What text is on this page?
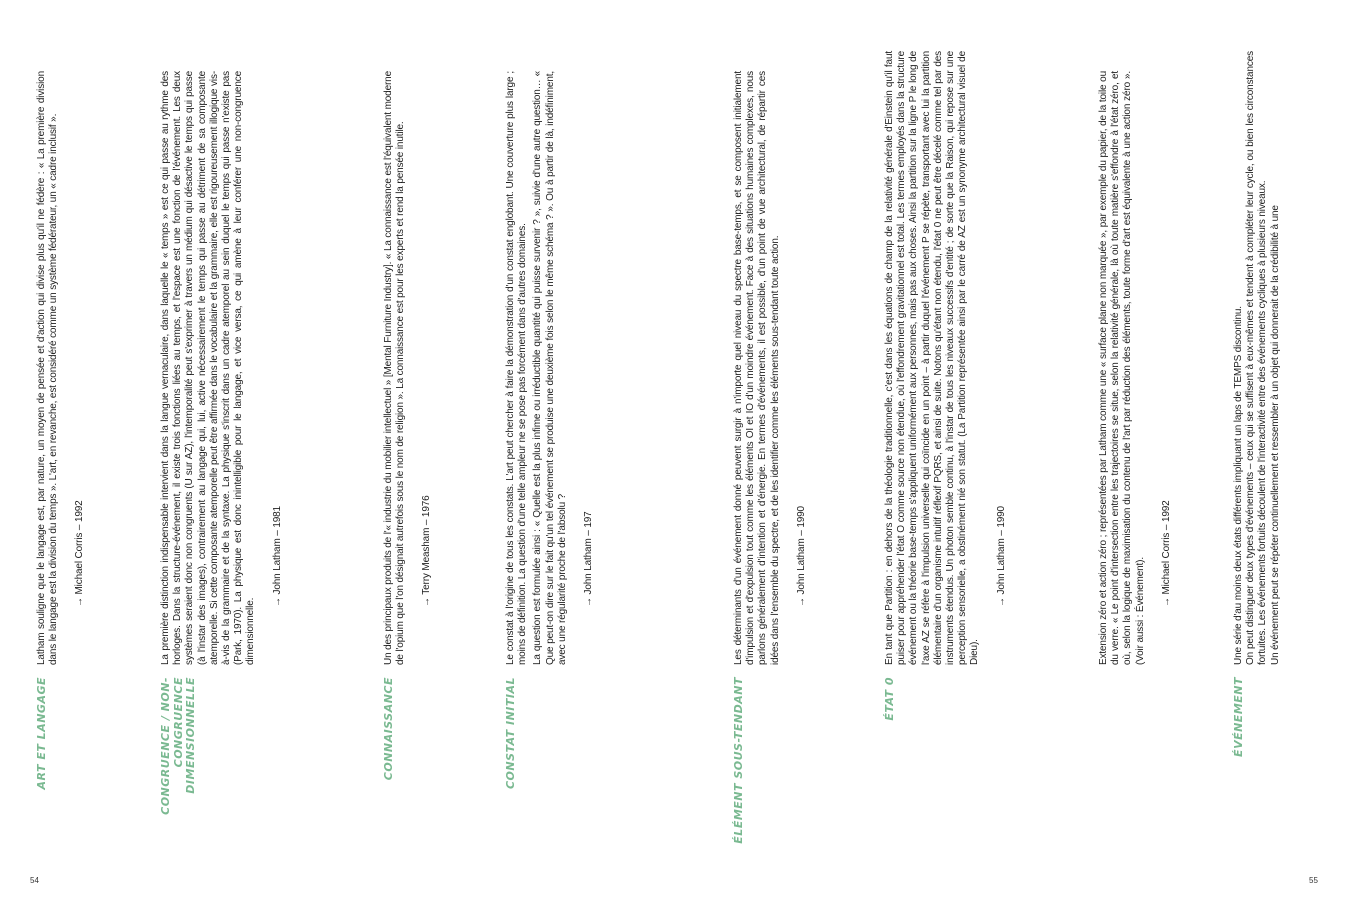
ART ET LANGAGE

Latham souligne que le langage est, par nature, un moyen de pensée et d'action qui divise plus qu'il ne fédère : « La première division dans le langage est la division du temps ». L'art, en revanche, est considéré comme un système fédérateur, un « cadre inclusif ». → Michael Corris – 1992
CONGRUENCE / NON-CONGRUENCE DIMENSIONNELLE

La première distinction indispensable intervient dans la langue vernaculaire, dans laquelle le « temps » est ce qui passe au rythme des horloges. Dans la structure-événement, il existe trois fonctions liées au temps, et l'espace est une fonction de l'événement. Les deux systèmes seraient donc non congruents (U sur AZ), l'intemporalité peut s'exprimer à travers un médium qui désactive le temps qui passe (à l'instar des images), contrairement au langage qui, lui, active nécessairement le temps qui passe au détriment de sa composante atemporelle. Si cette composante atemporelle peut être affirmée dans le vocabulaire et la grammaire, elle est rigoureusement illogique vis-à-vis de la grammaire et de la syntaxe. La physique s'inscrit dans un cadre atemporel au sein duquel le temps qui passe n'existe pas (Park, 1970). La physique est donc inintelligible pour le langage, et vice versa, ce qui amène à leur conférer une non-congruence dimensionnelle.

→ John Latham – 1981
CONNAISSANCE

Un des principaux produits de l'« industrie du mobilier intellectuel » [Mental Furniture Industry]. « La connaissance est l'équivalent moderne de l'opium que l'on désignait autrefois sous le nom de religion ». La connaissance est pour les experts et rend la pensée inutile. → Terry Measham – 1976
CONSTAT INITIAL

Le constat à l'origine de tous les constats. L'art peut chercher à faire la démonstration d'un constat englobant. Une couverture plus large ; moins de définition. La question d'une telle ampleur ne se pose pas forcément dans d'autres domaines. La question est formulée ainsi : « Quelle est la plus infime ou irréductible quantité qui puisse survenir ? », suivie d'une autre question… « Que peut-on dire sur le fait qu'un tel événement se produise une deuxième fois selon le même schéma ? ». Ou à partir de là, indéfiniment, avec une régularité proche de l'absolu ? → John Latham – 197
ÉLÉMENT SOUS-TENDANT

Les déterminants d'un événement donné peuvent surgir à n'importe quel niveau du spectre base-temps, et se composent initialement d'impulsion et d'expulsion tout comme les éléments OI et IO d'un moindre événement. Face à des situations humaines complexes, nous parlons généralement d'intention et d'énergie. En termes d'événements, il est possible, d'un point de vue architectural, de répartir ces idées dans l'ensemble du spectre, et de les identifier comme les éléments sous-tendant toute action. → John Latham – 1990
ÉTAT 0

En tant que Partition : en dehors de la théologie traditionnelle, c'est dans les équations de champ de la relativité générale d'Einstein qu'il faut puiser pour appréhender l'état O comme source non étendue, où l'effondrement gravitationnel est total. Les termes employés dans la structure événement ou la théorie base-temps s'appliquent uniformément aux personnes, mais pas aux choses. Ainsi la partition sur la ligne P le long de l'axe AZ se réfère à l'impulsion universelle qui coïncide en un point – à partir duquel l'événement P se répète, transportant avec lui la partition élémentaire d'un organisme intuitif réflexif PQRS, et ainsi de suite. Notons qu'étant non étendu, l'état 0 ne peut être décelé comme tel par des instruments étendus. Un photon semble continu, à l'instar de tous les niveaux successifs d'entité ; de sorte que la Raison, qui repose sur une perception sensorielle, a obstinément nié son statut. (La Partition représentée ainsi par le carré de AZ est un synonyme architectural visuel de Dieu).

→ John Latham – 1990	Extension zéro et action zéro ; représentées par Latham comme une « surface plane non marquée », par exemple du papier, de la toile ou du verre. « Le point d'intersection entre les trajectoires se situe, selon la relativité générale, là où toute matière s'effondre à l'état zéro, et où, selon la logique de maximisation du contenu de l'art par réduction des éléments, toute forme d'art est équivalente à une action zéro ». (Voir aussi : Événement).

→ Michael Corris – 1992
ÉVÉNEMENT

Une série d'au moins deux états différents impliquant un laps de TEMPS discontinu. On peut distinguer deux types d'événements – ceux qui se suffisent à eux-mêmes et tendent à compléter leur cycle, ou bien les circonstances fortuites. Les événements fortuits découlent de l'interactivité entre des événements cycliques à plusieurs niveaux. Un événement peut se répéter continuellement et ressembler à un objet qui donnerait de la crédibilité à une

54	55
